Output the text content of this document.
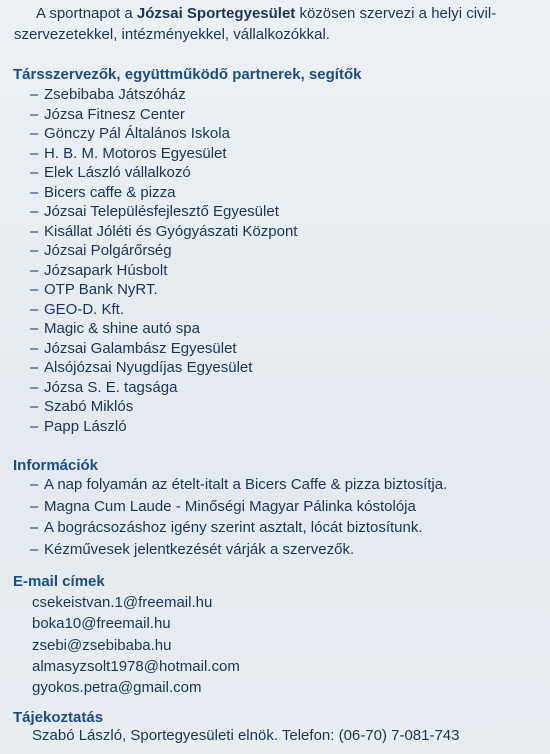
A sportnapot a Józsai Sportegyesület közösen szervezi a helyi civil-szervezetekkel, intézményekkel, vállalkozókkal.
Társszervezők, együttműködő partnerek, segítők
– Zsebibaba Játszóház
– Józsa Fitnesz Center
– Gönczy Pál Általános Iskola
– H. B. M. Motoros Egyesület
– Elek László vállalkozó
– Bicers caffe & pizza
– Józsai Településfejlesztő Egyesület
– Kisállat Jóléti és Gyógyászati Központ
– Józsai Polgárőrség
– Józsapark Húsbolt
– OTP Bank NyRT.
– GEO-D. Kft.
– Magic & shine autó spa
– Józsai Galambász Egyesület
– Alsójózsai Nyugdíjas Egyesület
– Józsa S. E. tagsága
– Szabó Miklós
– Papp László
Információk
– A nap folyamán az ételt-italt a Bicers Caffe & pizza biztosítja.
– Magna Cum Laude - Minőségi Magyar Pálinka kóstolója
– A bográcsozáshoz igény szerint asztalt, lócát biztosítunk.
– Kézművesek jelentkezését várják a szervezők.
E-mail címek
csekeistvan.1@freemail.hu
boka10@freemail.hu
zsebi@zsebibaba.hu
almasyzsolt1978@hotmail.com
gyokos.petra@gmail.com
Tájekoztatás
Szabó László, Sportegyesületi elnök. Telefon: (06-70) 7-081-743
